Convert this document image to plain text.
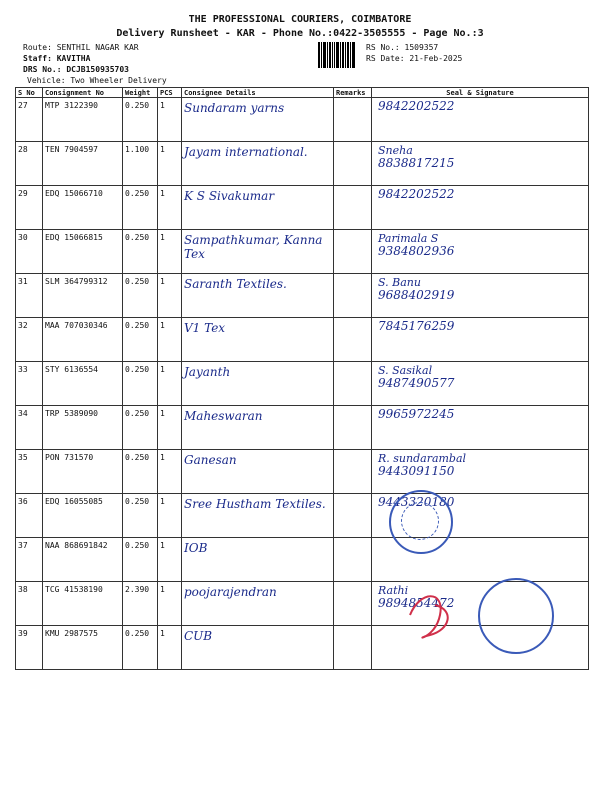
THE PROFESSIONAL COURIERS, COIMBATORE
Delivery Runsheet - KAR - Phone No.:0422-3505555 - Page No.:3
Route: SENTHIL NAGAR KAR
Staff: KAVITHA
DRS No.: DCJB150935703
Vehicle: Two Wheeler Delivery
RS No.: 1509357
RS Date: 21-Feb-2025
S No	Consignment No	Weight	PCS	Consignee Details	Remarks	Seal & Signature
27	MTP 3122390	0.250	1	Sundaram yarns		9842202522

28	TEN 7904597	1.100	1	Jayam international.		Sneha
8838817215

29	EDQ 15066710	0.250	1	K S Sivakumar		9842202522

30	EDQ 15066815	0.250	1	Sampathkumar, Kanna Tex		Parimala S
9384802936

31	SLM 364799312	0.250	1	Saranth Textiles.		S. Banu
9688402919

32	MAA 707030346	0.250	1	V1 Tex		7845176259

33	STY 6136554	0.250	1	Jayanth		S. Sasikal
9487490577

34	TRP 5389090	0.250	1	Maheswaran		9965972245

35	PON 731570	0.250	1	Ganesan		R. sundarambal
9443091150

36	EDQ 16055085	0.250	1	Sree Hustham Textiles.		9443320180

37	NAA 868691842	0.250	1	IOB		

38	TCG 41538190	2.390	1	poojarajendran		Rathi
9894854472

39	KMU 2987575	0.250	1	CUB		
